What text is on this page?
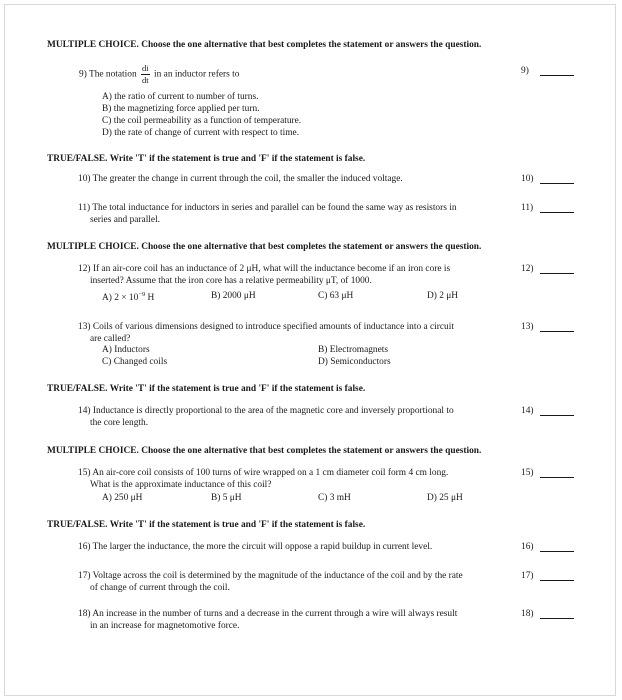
MULTIPLE CHOICE. Choose the one alternative that best completes the statement or answers the question.
9) The notation $\frac{di}{dt}$ in an inductor refers to	9)
A) the ratio of current to number of turns.
B) the magnetizing force applied per turn.
C) the coil permeability as a function of temperature.
D) the rate of change of current with respect to time.
TRUE/FALSE. Write 'T' if the statement is true and 'F' if the statement is false.
10) The greater the change in current through the coil, the smaller the induced voltage.	10)
11) The total inductance for inductors in series and parallel can be found the same way as resistors in
series and parallel.
11)
MULTIPLE CHOICE. Choose the one alternative that best completes the statement or answers the question.
12) If an air-core coil has an inductance of 2 μH, what will the inductance become if an iron core is
inserted? Assume that the iron core has a relative permeability μT, of 1000.
12)
A) $2 \times 10^{-9}$ H	B) 2000 μH	C) 63 μH	D) 2 μH
13) Coils of various dimensions designed to introduce specified amounts of inductance into a circuit
are called?
13)
A) Inductors	B) Electromagnets
C) Changed coils	D) Semiconductors
TRUE/FALSE. Write 'T' if the statement is true and 'F' if the statement is false.
14) Inductance is directly proportional to the area of the magnetic core and inversely proportional to
the core length.
14)
MULTIPLE CHOICE. Choose the one alternative that best completes the statement or answers the question.
15) An air-core coil consists of 100 turns of wire wrapped on a 1 cm diameter coil form 4 cm long.
What is the approximate inductance of this coil?
15)
A) 250 μH	B) 5 μH	C) 3 mH	D) 25 μH
TRUE/FALSE. Write 'T' if the statement is true and 'F' if the statement is false.
16) The larger the inductance, the more the circuit will oppose a rapid buildup in current level.	16)
17) Voltage across the coil is determined by the magnitude of the inductance of the coil and by the rate
of change of current through the coil.
17)
18) An increase in the number of turns and a decrease in the current through a wire will always result
in an increase for magnetomotive force.
18)
